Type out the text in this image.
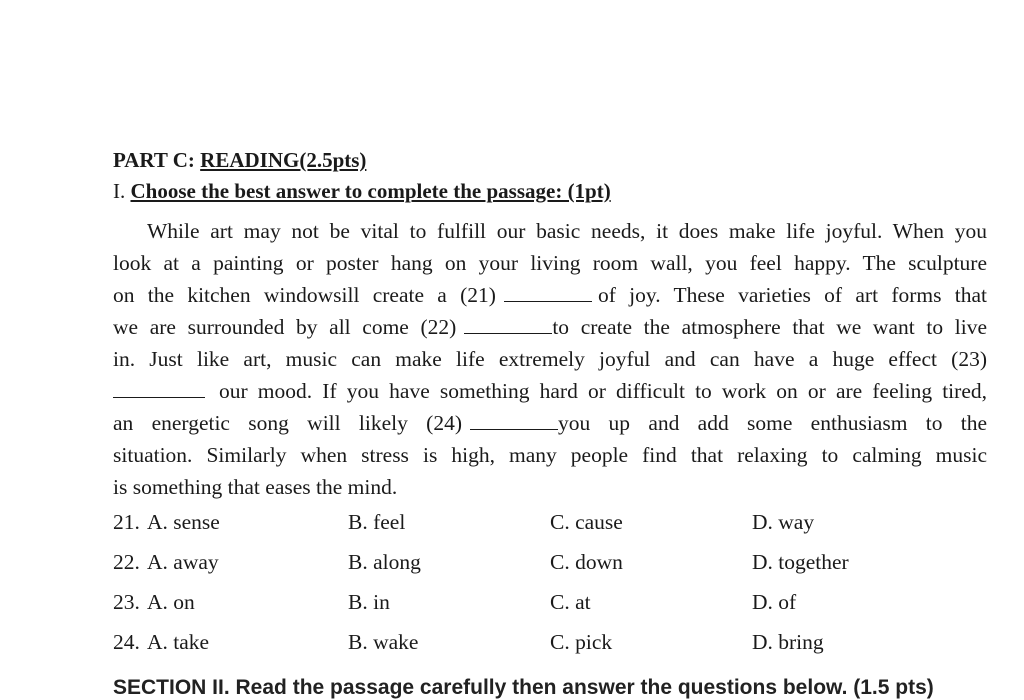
PART C: READING(2.5pts)
I. Choose the best answer to complete the passage: (1pt)
While art may not be vital to fulfill our basic needs, it does make life joyful. When you
look at a painting or poster hang on your living room wall, you feel happy. The sculpture
on the kitchen windowsill create a (21)	of joy. These varieties of art forms that
we are surrounded by all come (22)	to create the atmosphere that we want to live
in. Just like art, music can make life extremely joyful and can have a huge effect (23)
our mood. If you have something hard or difficult to work on or are feeling tired,
an energetic song will likely (24)	you up and add some enthusiasm to the
situation. Similarly when stress is high, many people find that relaxing to calming music
is something that eases the mind.
21. A. sense	B. feel	C. cause	D. way
22. A. away	B. along	C. down	D. together
23. A. on	B. in	C. at	D. of
24. A. take	B. wake	C. pick	D. bring
SECTION II. Read the passage carefully then answer the questions below. (1.5 pts)
